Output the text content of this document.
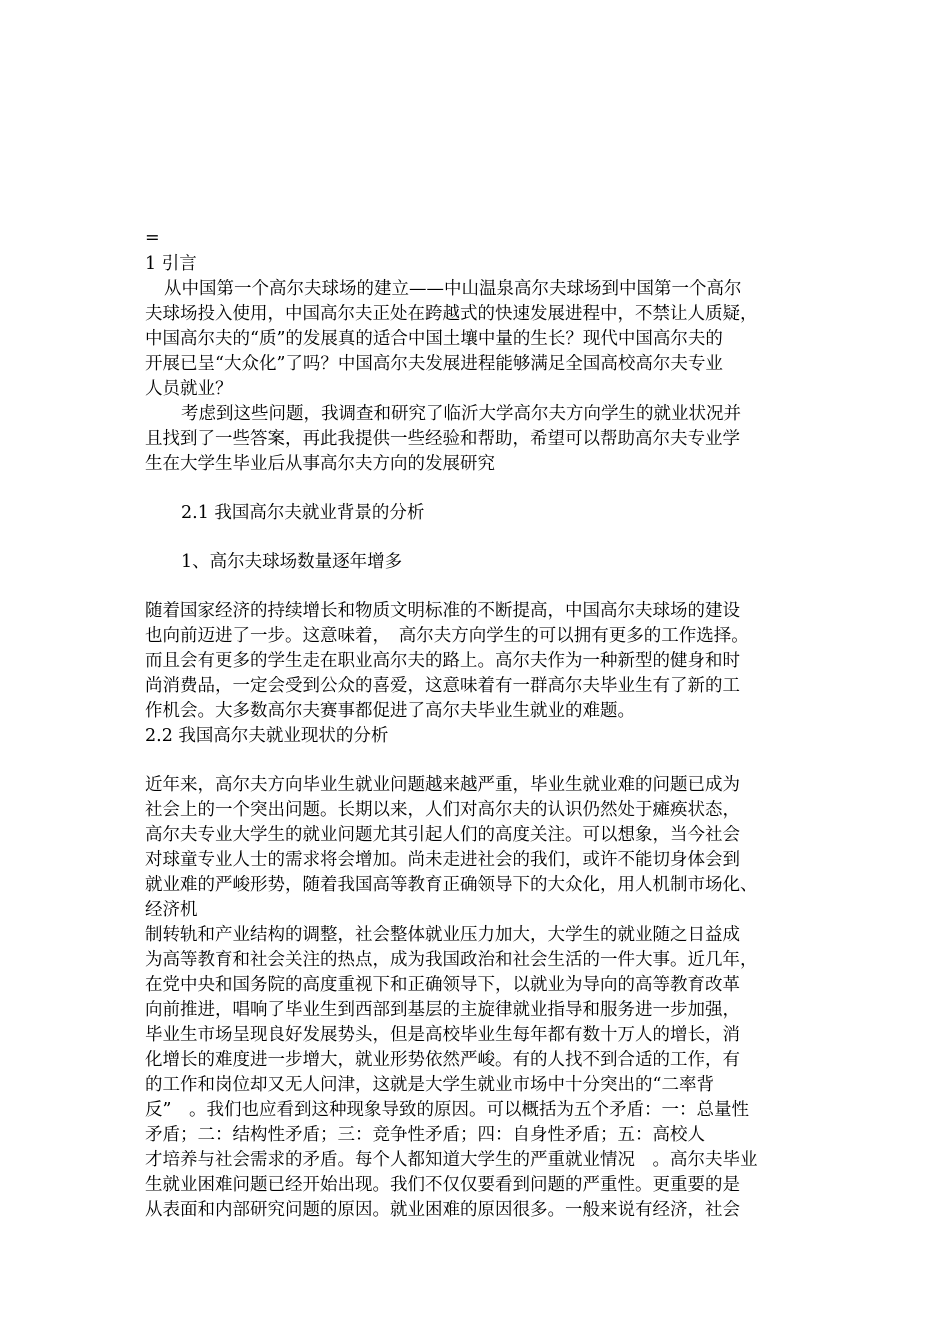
=
1 引言
从中国第一个高尔夫球场的建立——中山温泉高尔夫球场到中国第一个高尔
夫球场投入使用，中国高尔夫正处在跨越式的快速发展进程中，不禁让人质疑，
中国高尔夫的“质”的发展真的适合中国土壤中量的生长？现代中国高尔夫的
开展已呈“大众化”了吗？中国高尔夫发展进程能够满足全国高校高尔夫专业
人员就业？
考虑到这些问题，我调查和研究了临沂大学高尔夫方向学生的就业状况并
且找到了一些答案，再此我提供一些经验和帮助，希望可以帮助高尔夫专业学
生在大学生毕业后从事高尔夫方向的发展研究
2.1 我国高尔夫就业背景的分析
1、高尔夫球场数量逐年增多
随着国家经济的持续增长和物质文明标准的不断提高，中国高尔夫球场的建设
也向前迈进了一步。这意味着，　高尔夫方向学生的可以拥有更多的工作选择。
而且会有更多的学生走在职业高尔夫的路上。高尔夫作为一种新型的健身和时
尚消费品，一定会受到公众的喜爱，这意味着有一群高尔夫毕业生有了新的工
作机会。大多数高尔夫赛事都促进了高尔夫毕业生就业的难题。
2.2 我国高尔夫就业现状的分析
近年来，高尔夫方向毕业生就业问题越来越严重，毕业生就业难的问题已成为
社会上的一个突出问题。长期以来，人们对高尔夫的认识仍然处于瘫痪状态，
高尔夫专业大学生的就业问题尤其引起人们的高度关注。可以想象，当今社会
对球童专业人士的需求将会增加。尚未走进社会的我们，或许不能切身体会到
就业难的严峻形势，随着我国高等教育正确领导下的大众化，用人机制市场化、
经济机
制转轨和产业结构的调整，社会整体就业压力加大，大学生的就业随之日益成
为高等教育和社会关注的热点，成为我国政治和社会生活的一件大事。近几年，
在党中央和国务院的高度重视下和正确领导下，以就业为导向的高等教育改革
向前推进，唱响了毕业生到西部到基层的主旋律就业指导和服务进一步加强，
毕业生市场呈现良好发展势头，但是高校毕业生每年都有数十万人的增长，消
化增长的难度进一步增大，就业形势依然严峻。有的人找不到合适的工作，有
的工作和岗位却又无人问津，这就是大学生就业市场中十分突出的“二率背
反”　。我们也应看到这种现象导致的原因。可以概括为五个矛盾：一：总量性
矛盾；二：结构性矛盾；三：竞争性矛盾；四：自身性矛盾；五：高校人
才培养与社会需求的矛盾。每个人都知道大学生的严重就业情况　。高尔夫毕业
生就业困难问题已经开始出现。我们不仅仅要看到问题的严重性。更重要的是
从表面和内部研究问题的原因。就业困难的原因很多。一般来说有经济，社会
